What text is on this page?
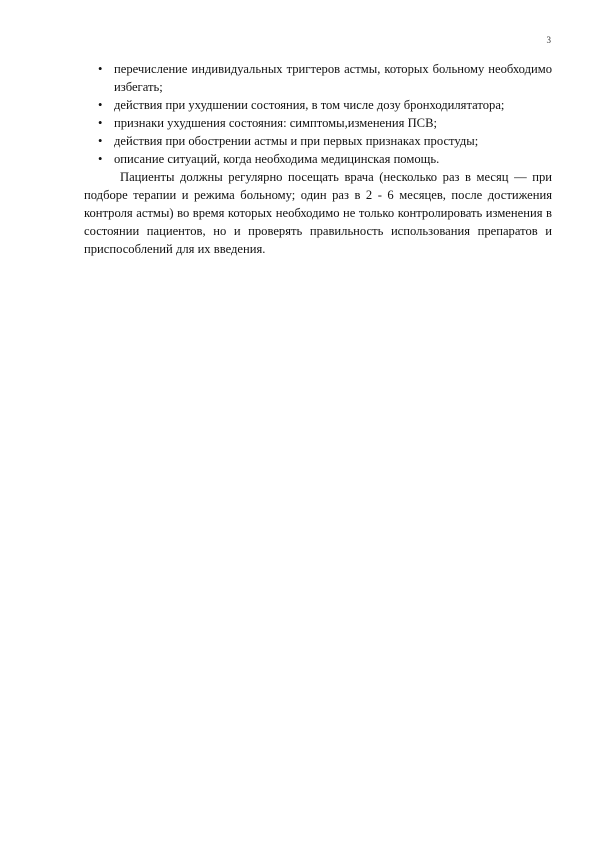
3
• перечисление индивидуальных тригтеров астмы, которых больному необходимо избегать;
• действия при ухудшении состояния, в том числе дозу бронходилятатора;
• признаки ухудшения состояния: симптомы,изменения ПСВ;
• действия при обострении астмы и при первых признаках простуды;
• описание ситуаций, когда необходима медицинская помощь.

Пациенты должны регулярно посещать врача (несколько раз в месяц — при подборе терапии и режима больному; один раз в 2 - 6 месяцев, после достижения контроля астмы) во время которых необходимо не только контролировать изменения в состоянии пациентов, но и проверять правильность использования препаратов и приспособлений для их введения.
